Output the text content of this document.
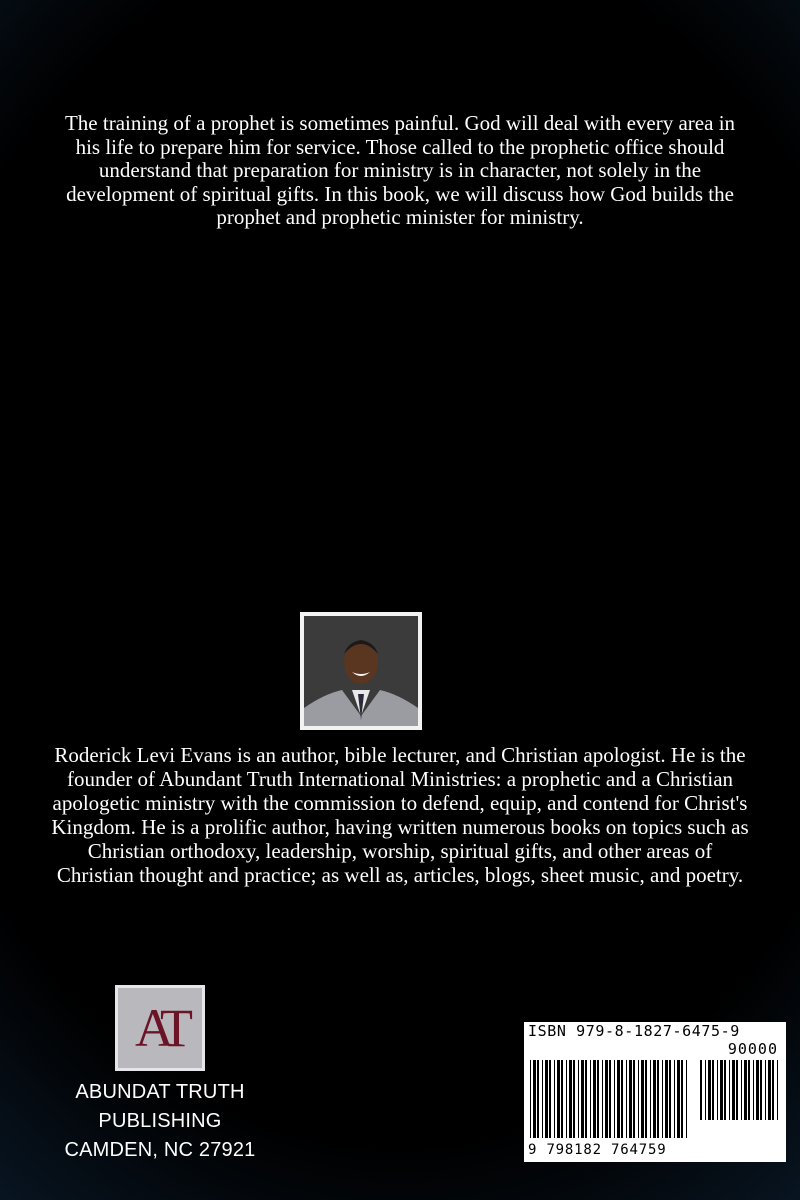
The training of a prophet is sometimes painful. God will deal with every area in his life to prepare him for service. Those called to the prophetic office should understand that preparation for ministry is in character, not solely in the development of spiritual gifts. In this book, we will discuss how God builds the prophet and prophetic minister for ministry.
Roderick Levi Evans is an author, bible lecturer, and Christian apologist. He is the founder of Abundant Truth International Ministries: a prophetic and a Christian apologetic ministry with the commission to defend, equip, and contend for Christ's Kingdom. He is a prolific author, having written numerous books on topics such as Christian orthodoxy, leadership, worship, spiritual gifts, and other areas of Christian thought and practice; as well as, articles, blogs, sheet music, and poetry.
AT
ABUNDAT TRUTH
PUBLISHING
CAMDEN, NC 27921
ISBN 979-8-1827-6475-9
90000
9 798182 764759
